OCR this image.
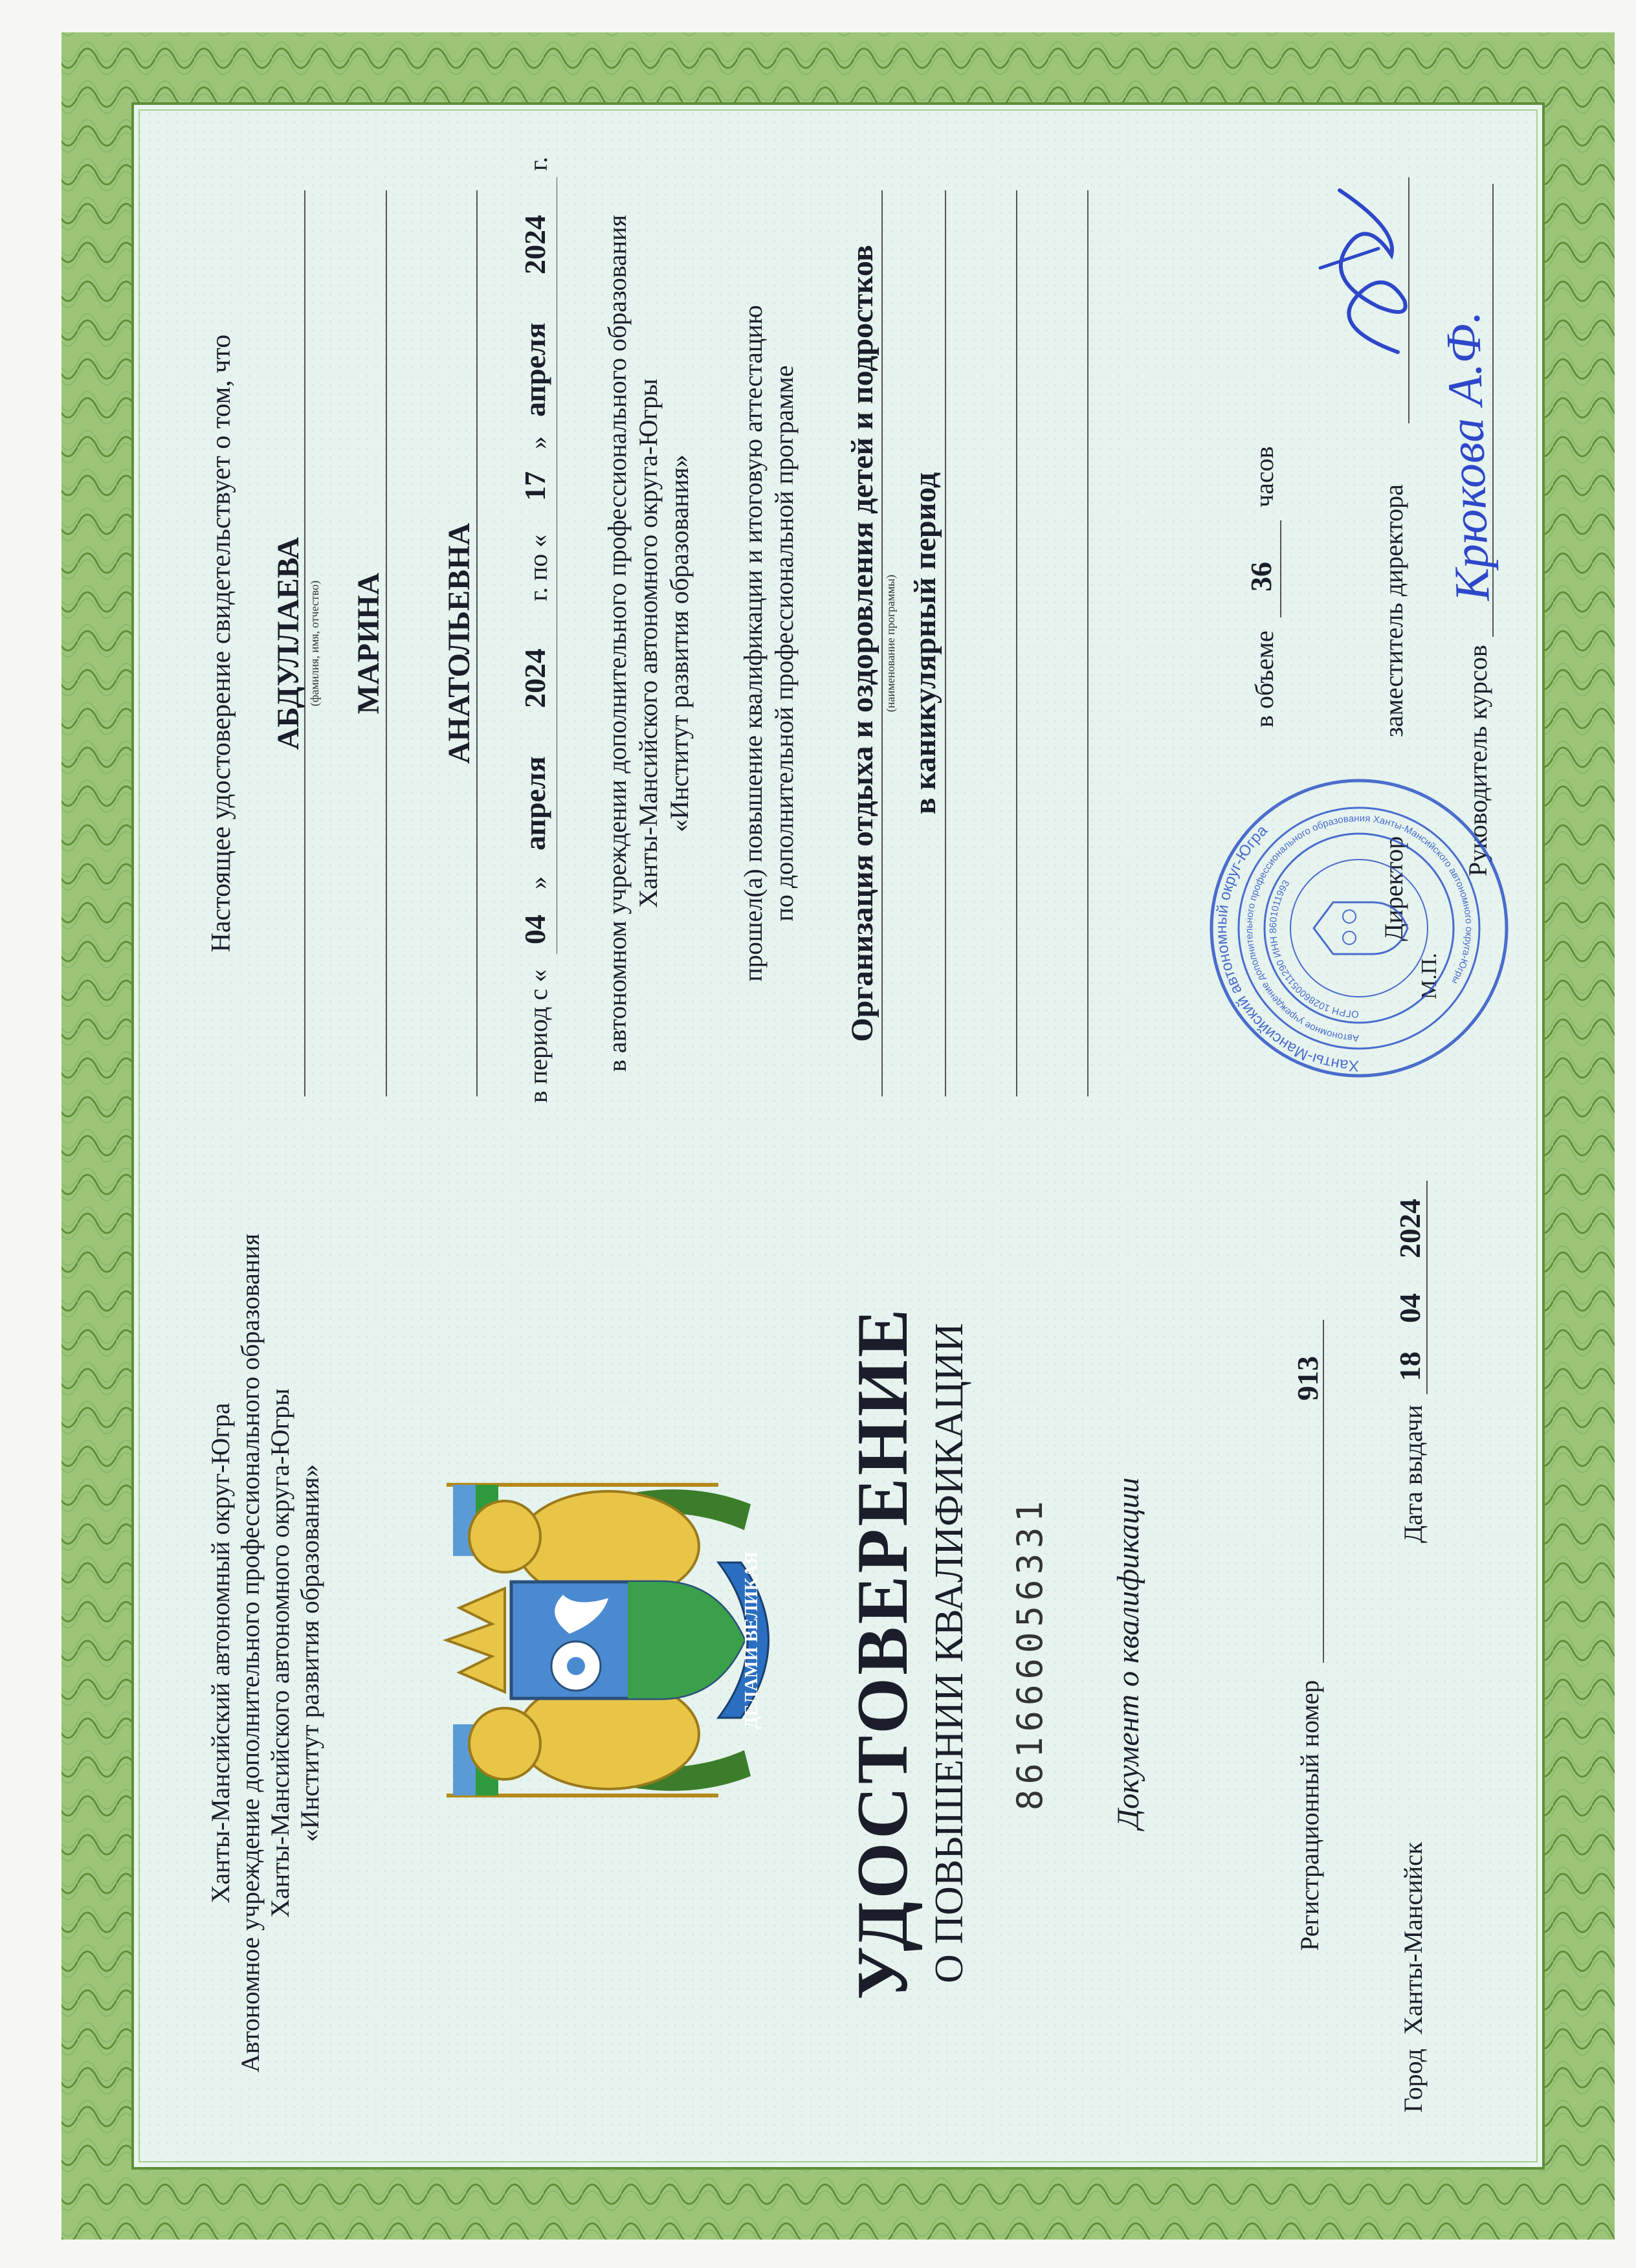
Ханты-Мансийский автономный округ-Югра Автономное учреждение дополнительного профессионального образования Ханты-Мансийского автономного округа-Югры «Институт развития образования»	ДЕЛАМИ ВЕЛИКАЯ УДОСТОВЕРЕНИЕ О ПОВЫШЕНИИ КВАЛИФИКАЦИИ 861666056331 Документ о квалификации	Регистрационный номер
913
Город
Ханты-Мансийск
Дата выдачи
18
04
2024
Настоящее удостоверение свидетельствует о том, что АБДУЛЛАЕВА (фамилия, имя, отчество) МАРИНА АНАТОЛЬЕВНА
в период с «
04
»
апреля
2024
г. по «
17
»
апреля
2024
г.
в автономном учреждении дополнительного профессионального образования Ханты-Мансийского автономного округа-Югры «Институт развития образования» прошел(а) повышение квалификации и итоговую аттестацию по дополнительной профессиональной программе Организация отдыха и оздоровления детей и подростков (наименование программы) в каникулярный период	в объеме
36
часов
Директор
заместитель директора
М.П.
Руководитель курсов
Крюкова А.Ф.
Ханты-Мансийский автономный округ-Югра
Автономное учреждение дополнительного профессионального образования Ханты-Мансийского автономного округа-Югры
ОГРН 1028600511290 ИНН 8601011993
